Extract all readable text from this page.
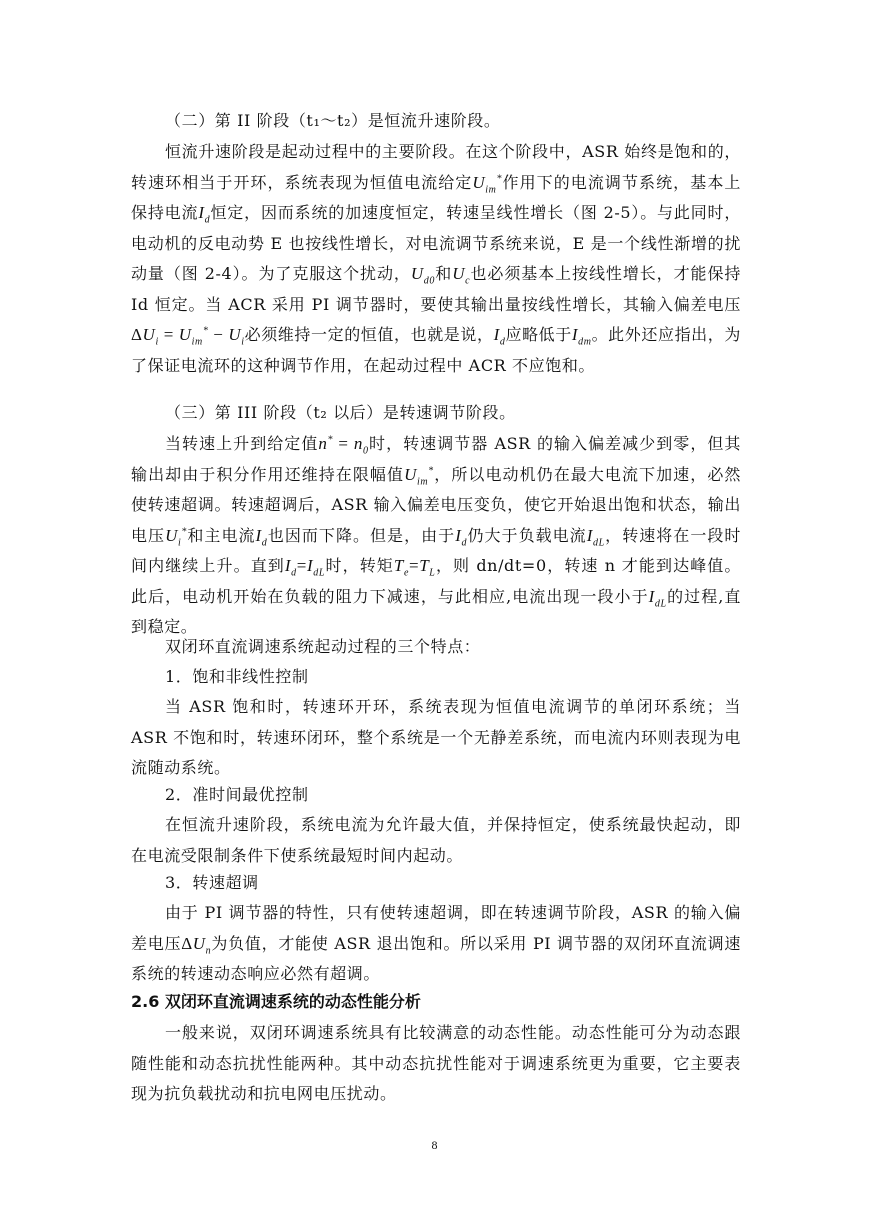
（二）第 II 阶段（t₁～t₂）是恒流升速阶段。

恒流升速阶段是起动过程中的主要阶段。在这个阶段中，ASR 始终是饱和的，转速环相当于开环，系统表现为恒值电流给定$U_{im}^*$作用下的电流调节系统，基本上保持电流$I_d$恒定，因而系统的加速度恒定，转速呈线性增长（图 2-5）。与此同时，电动机的反电动势 E 也按线性增长，对电流调节系统来说，E 是一个线性渐增的扰动量（图 2-4）。为了克服这个扰动，$U_{d0}$和$U_c$也必须基本上按线性增长，才能保持 Id 恒定。当 ACR 采用 PI 调节器时，要使其输出量按线性增长，其输入偏差电压$\Delta U_i = U_{im}^* - U_i$必须维持一定的恒值，也就是说，$I_d$应略低于$I_{dm}$。此外还应指出，为了保证电流环的这种调节作用，在起动过程中 ACR 不应饱和。

（三）第 III 阶段（t₂ 以后）是转速调节阶段。

当转速上升到给定值$n^* = n_0$时，转速调节器 ASR 的输入偏差减少到零，但其输出却由于积分作用还维持在限幅值$U_{im}^*$，所以电动机仍在最大电流下加速，必然使转速超调。转速超调后，ASR 输入偏差电压变负，使它开始退出饱和状态，输出电压$U_i^*$和主电流$I_d$也因而下降。但是，由于$I_d$仍大于负载电流$I_{dL}$，转速将在一段时间内继续上升。直到$I_d=I_{dL}$时，转矩$T_e=T_L$，则 dn/dt=0，转速 n 才能到达峰值。此后，电动机开始在负载的阻力下减速，与此相应,电流出现一段小于$I_{dL}$的过程,直到稳定。

双闭环直流调速系统起动过程的三个特点：

1．饱和非线性控制

当 ASR 饱和时，转速环开环，系统表现为恒值电流调节的单闭环系统；当 ASR 不饱和时，转速环闭环，整个系统是一个无静差系统，而电流内环则表现为电流随动系统。

2．准时间最优控制

在恒流升速阶段，系统电流为允许最大值，并保持恒定，使系统最快起动，即在电流受限制条件下使系统最短时间内起动。

3．转速超调

由于 PI 调节器的特性，只有使转速超调，即在转速调节阶段，ASR 的输入偏差电压$\Delta U_n$为负值，才能使 ASR 退出饱和。所以采用 PI 调节器的双闭环直流调速系统的转速动态响应必然有超调。

2.6 双闭环直流调速系统的动态性能分析

一般来说，双闭环调速系统具有比较满意的动态性能。动态性能可分为动态跟随性能和动态抗扰性能两种。其中动态抗扰性能对于调速系统更为重要，它主要表现为抗负载扰动和抗电网电压扰动。

8
